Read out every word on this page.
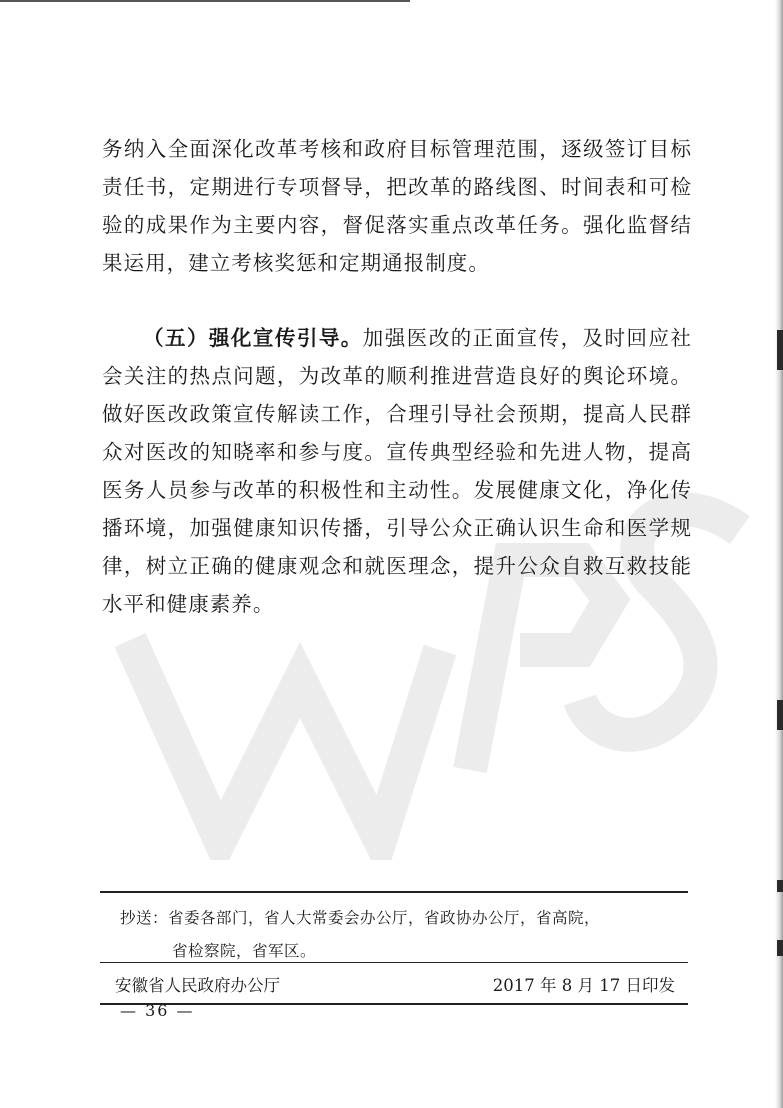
务纳入全面深化改革考核和政府目标管理范围，逐级签订目标责任书，定期进行专项督导，把改革的路线图、时间表和可检验的成果作为主要内容，督促落实重点改革任务。强化监督结果运用，建立考核奖惩和定期通报制度。

（五）强化宣传引导。加强医改的正面宣传，及时回应社会关注的热点问题，为改革的顺利推进营造良好的舆论环境。做好医改政策宣传解读工作，合理引导社会预期，提高人民群众对医改的知晓率和参与度。宣传典型经验和先进人物，提高医务人员参与改革的积极性和主动性。发展健康文化，净化传播环境，加强健康知识传播，引导公众正确认识生命和医学规律，树立正确的健康观念和就医理念，提升公众自救互救技能水平和健康素养。

抄送：省委各部门，省人大常委会办公厅，省政协办公厅，省高院，
省检察院，省军区。
安徽省人民政府办公厅	2017 年 8 月 17 日印发
— 36 —
